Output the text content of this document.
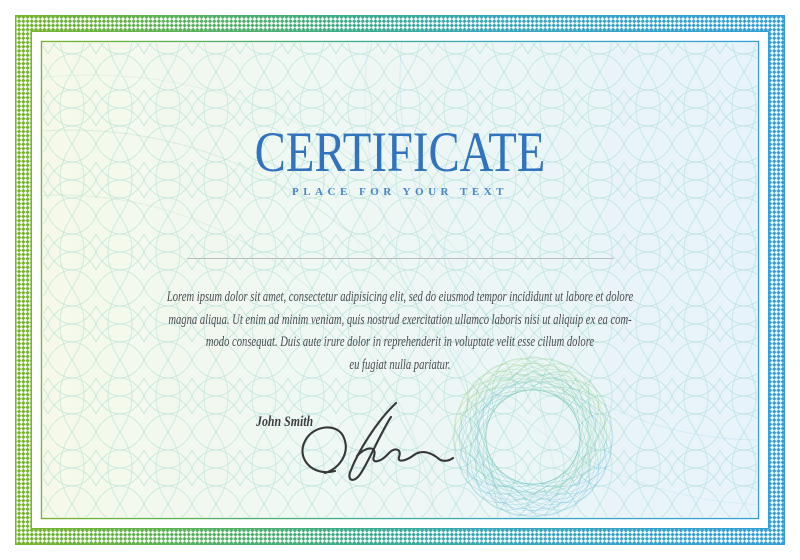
CERTIFICATE
PLACE FOR YOUR TEXT
Lorem ipsum dolor sit amet, consectetur adipisicing elit, sed do eiusmod tempor incididunt ut labore et dolore
magna aliqua. Ut enim ad minim veniam, quis nostrud exercitation ullamco laboris nisi ut aliquip ex ea com-
modo consequat. Duis aute irure dolor in reprehenderit in voluptate velit esse cillum dolore
eu fugiat nulla pariatur.
John Smith
